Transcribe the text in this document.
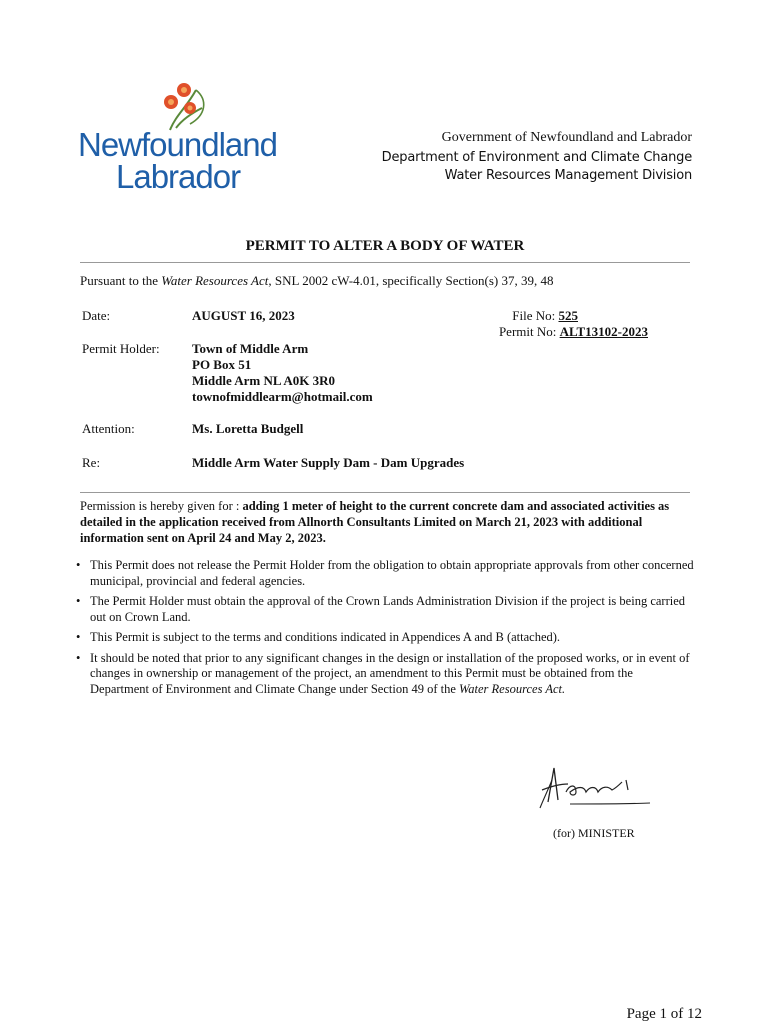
Newfoundland
Labrador
Government of Newfoundland and Labrador
Department of Environment and Climate Change
Water Resources Management Division
PERMIT TO ALTER A BODY OF WATER
Pursuant to the Water Resources Act, SNL 2002 cW-4.01, specifically Section(s) 37, 39, 48
Date:	AUGUST 16, 2023	File No: 525
Permit No: ALT13102-2023
Permit Holder: Town of Middle Arm
PO Box 51
Middle Arm NL A0K 3R0
townofmiddlearm@hotmail.com
Attention:	Ms. Loretta Budgell
Re:	Middle Arm Water Supply Dam - Dam Upgrades
Permission is hereby given for : adding 1 meter of height to the current concrete dam and associated activities as detailed in the application received from Allnorth Consultants Limited on March 21, 2023 with additional information sent on April 24 and May 2, 2023.
• This Permit does not release the Permit Holder from the obligation to obtain appropriate approvals from other concerned municipal, provincial and federal agencies.
• The Permit Holder must obtain the approval of the Crown Lands Administration Division if the project is being carried out on Crown Land.
• This Permit is subject to the terms and conditions indicated in Appendices A and B (attached).
• It should be noted that prior to any significant changes in the design or installation of the proposed works, or in event of changes in ownership or management of the project, an amendment to this Permit must be obtained from the Department of Environment and Climate Change under Section 49 of the Water Resources Act.
(for) MINISTER
Page 1 of 12
